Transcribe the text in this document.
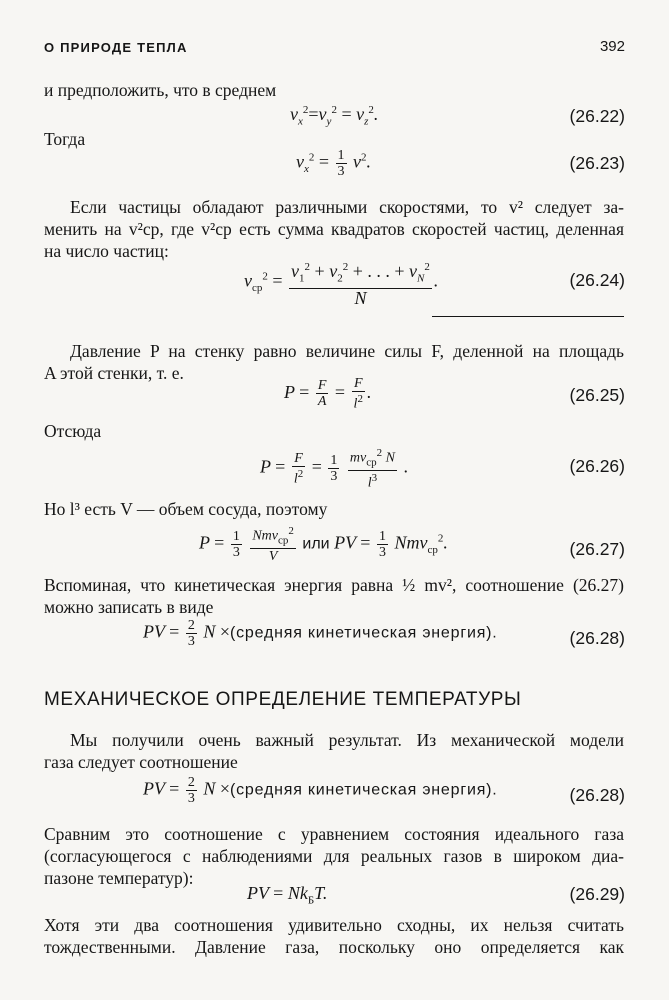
О ПРИРОДЕ ТЕПЛА	392
и предположить, что в среднем
$v_x^2=v_y^2 = v_z^2$.	(26.22)
Тогда
$v_x^2 = \frac{1}{3} v^2$.	(26.23)
Если частицы обладают различными скоростями, то v² следует за-
менить на v²ср, где v²ср есть сумма квадратов скоростей частиц, деленная
на число частиц:
$v_{ср}^2 = \frac{v_1^2 + v_2^2 + . . . + v_N^2}{N}$ .	(26.24)
Давление P на стенку равно величине силы F, деленной на площадь
A этой стенки, т. е.
$P = \frac{F}{A} = \frac{F}{l^2}$ .	(26.25)
Отсюда
$P = \frac{F}{l^2} = \frac{1}{3}$
$\frac{mv_{ср}^2 N}{l^3}$ .	(26.26)
Но l³ есть V — объем сосуда, поэтому
$P = \frac{1}{3}$
$\frac{Nmv_{ср}^2}{V}$ или PV = $\frac{1}{3} Nmv_{ср}^2$.	(26.27)
Вспоминая, что кинетическая энергия равна ½ mv², соотношение (26.27)
можно записать в виде
PV = $\frac{2}{3}$ N ×(средняя кинетическая энергия).	(26.28)
МЕХАНИЧЕСКОЕ ОПРЕДЕЛЕНИЕ ТЕМПЕРАТУРЫ
Мы получили очень важный результат. Из механической модели
газа следует соотношение
PV = $\frac{2}{3}$ N ×(средняя кинетическая энергия).	(26.28)
Сравним это соотношение с уравнением состояния идеального газа
(согласующегося с наблюдениями для реальных газов в широком диа-
пазоне температур):
PV = $Nk_БT$.	(26.29)
Хотя эти два соотношения удивительно сходны, их нельзя считать
тождественными. Давление газа, поскольку оно определяется как
